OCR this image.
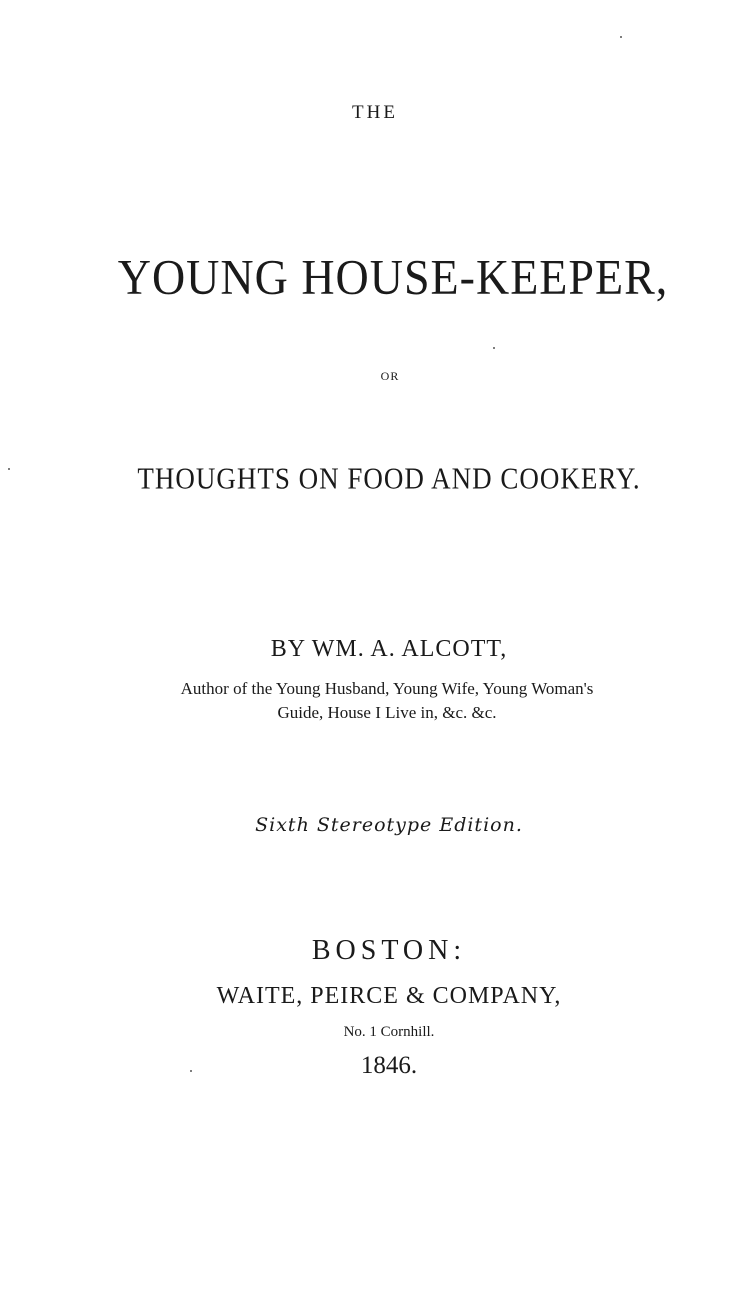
THE
YOUNG HOUSE-KEEPER,
OR
THOUGHTS ON FOOD AND COOKERY.
BY WM. A. ALCOTT,
Author of the Young Husband, Young Wife, Young Woman's
Guide, House I Live in, &c. &c.
Sixth Stereotype Edition.
BOSTON:
WAITE, PEIRCE & COMPANY,
No. 1 Cornhill.
1846.
